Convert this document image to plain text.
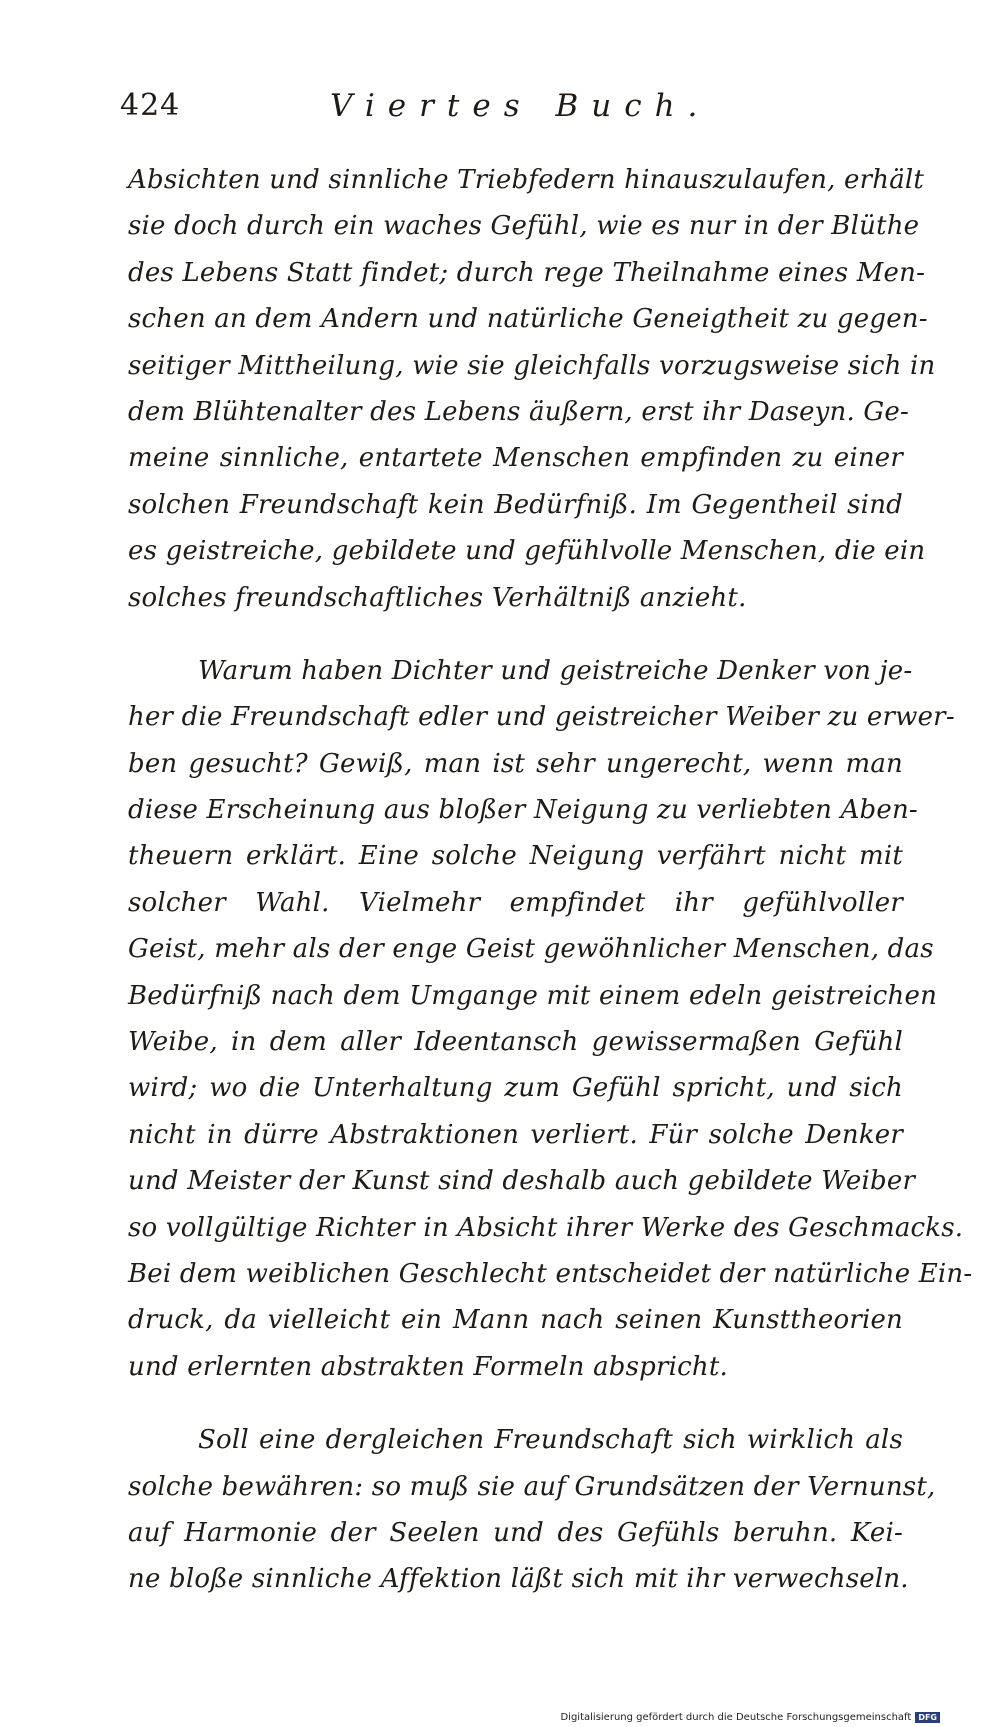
424	Viertes Buch.
Absichten und sinnliche Triebfedern hinauszulaufen, erhält
sie doch durch ein waches Gefühl, wie es nur in der Blüthe
des Lebens Statt findet; durch rege Theilnahme eines Men-
schen an dem Andern und natürliche Geneigtheit zu gegen-
seitiger Mittheilung, wie sie gleichfalls vorzugsweise sich in
dem Blühtenalter des Lebens äußern, erst ihr Daseyn. Ge-
meine sinnliche, entartete Menschen empfinden zu einer
solchen Freundschaft kein Bedürfniß. Im Gegentheil sind
es geistreiche, gebildete und gefühlvolle Menschen, die ein
solches freundschaftliches Verhältniß anzieht.
Warum haben Dichter und geistreiche Denker von je-
her die Freundschaft edler und geistreicher Weiber zu erwer-
ben gesucht? Gewiß, man ist sehr ungerecht, wenn man
diese Erscheinung aus bloßer Neigung zu verliebten Aben-
theuern erklärt. Eine solche Neigung verfährt nicht mit
solcher Wahl. Vielmehr empfindet ihr gefühlvoller
Geist, mehr als der enge Geist gewöhnlicher Menschen, das
Bedürfniß nach dem Umgange mit einem edeln geistreichen
Weibe, in dem aller Ideentansch gewissermaßen Gefühl
wird; wo die Unterhaltung zum Gefühl spricht, und sich
nicht in dürre Abstraktionen verliert. Für solche Denker
und Meister der Kunst sind deshalb auch gebildete Weiber
so vollgültige Richter in Absicht ihrer Werke des Geschmacks.
Bei dem weiblichen Geschlecht entscheidet der natürliche Ein-
druck, da vielleicht ein Mann nach seinen Kunsttheorien
und erlernten abstrakten Formeln abspricht.
Soll eine dergleichen Freundschaft sich wirklich als
solche bewähren: so muß sie auf Grundsätzen der Vernunst,
auf Harmonie der Seelen und des Gefühls beruhn. Kei-
ne bloße sinnliche Affektion läßt sich mit ihr verwechseln.
Digitalisierung gefördert durch die Deutsche Forschungsgemeinschaft DFG
